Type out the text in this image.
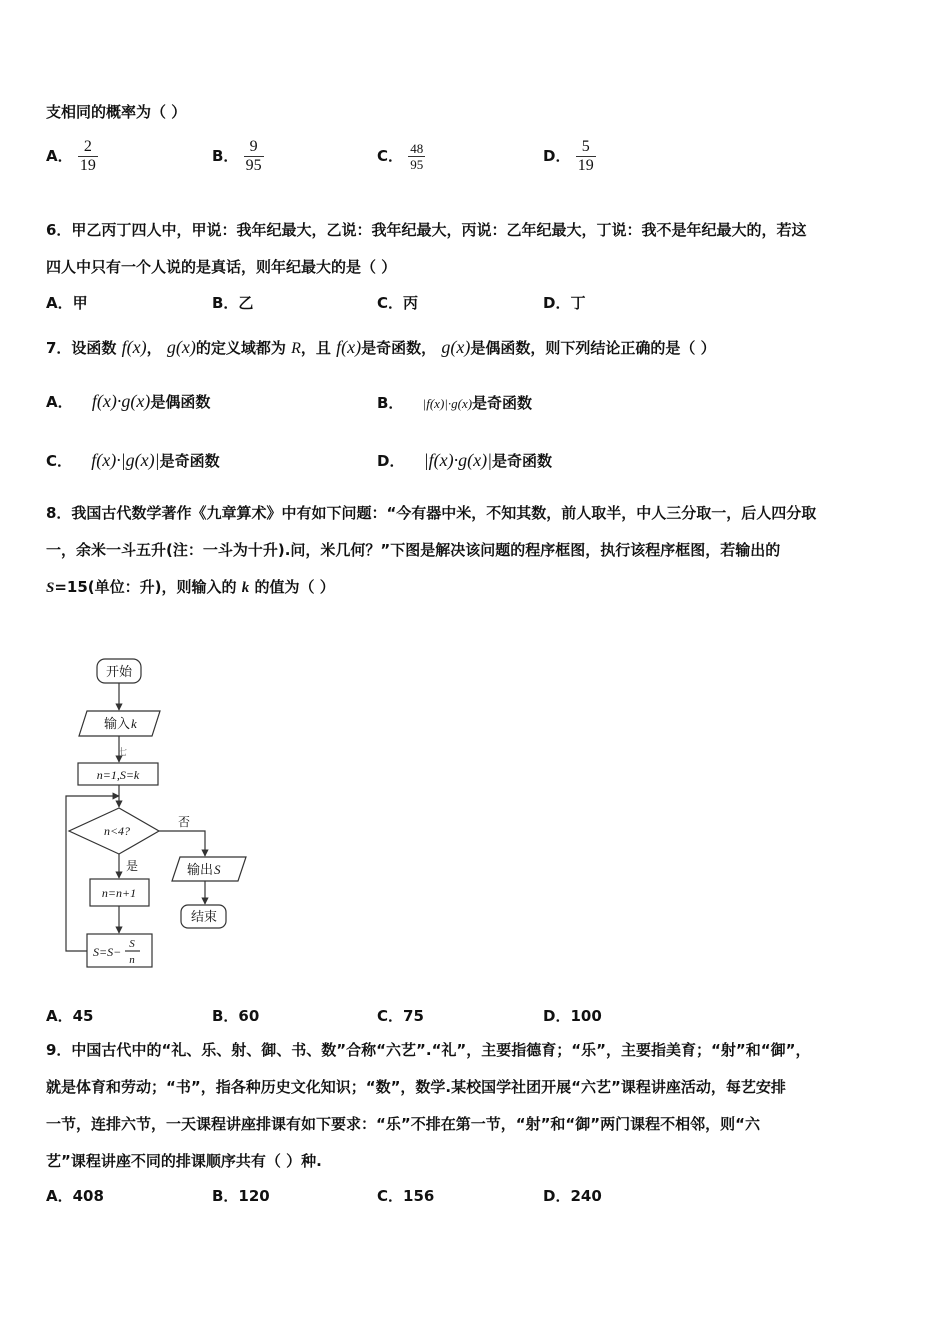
支相同的概率为（ ）
A． $\frac{2}{19}$	B． $\frac{9}{95}$	C． $\frac{48}{95}$	D． $\frac{5}{19}$
6．甲乙丙丁四人中，甲说：我年纪最大，乙说：我年纪最大，丙说：乙年纪最大，丁说：我不是年纪最大的，若这
四人中只有一个人说的是真话，则年纪最大的是（ ）
A．甲	B．乙	C．丙	D．丁
7．设函数 f(x)， g(x)的定义域都为 R，且 f(x)是奇函数， g(x)是偶函数，则下列结论正确的是（ ）
A． f(x)·g(x)是偶函数	B． |f(x)|·g(x)是奇函数
C． f(x)·|g(x)|是奇函数	D． |f(x)·g(x)|是奇函数
8．我国古代数学著作《九章算术》中有如下问题：“今有器中米，不知其数，前人取半，中人三分取一，后人四分取
一，余米一斗五升(注：一斗为十升).问，米几何？”下图是解决该问题的程序框图，执行该程序框图，若输出的
S=15(单位：升)，则输入的 k 的值为（ ）
开始
输入 k
七
n=1,S=k
n<4?
否
是	输出 S
结束
n=n+1
S=S−
S
n
A．45	B．60	C．75	D．100
9．中国古代中的“礼、乐、射、御、书、数”合称“六艺”.“礼”，主要指德育；“乐”，主要指美育；“射”和“御”，
就是体育和劳动；“书”，指各种历史文化知识；“数”，数学.某校国学社团开展“六艺”课程讲座活动，每艺安排
一节，连排六节，一天课程讲座排课有如下要求：“乐”不排在第一节，“射”和“御”两门课程不相邻，则“六
艺”课程讲座不同的排课顺序共有（ ）种.
A．408	B．120	C．156	D．240
